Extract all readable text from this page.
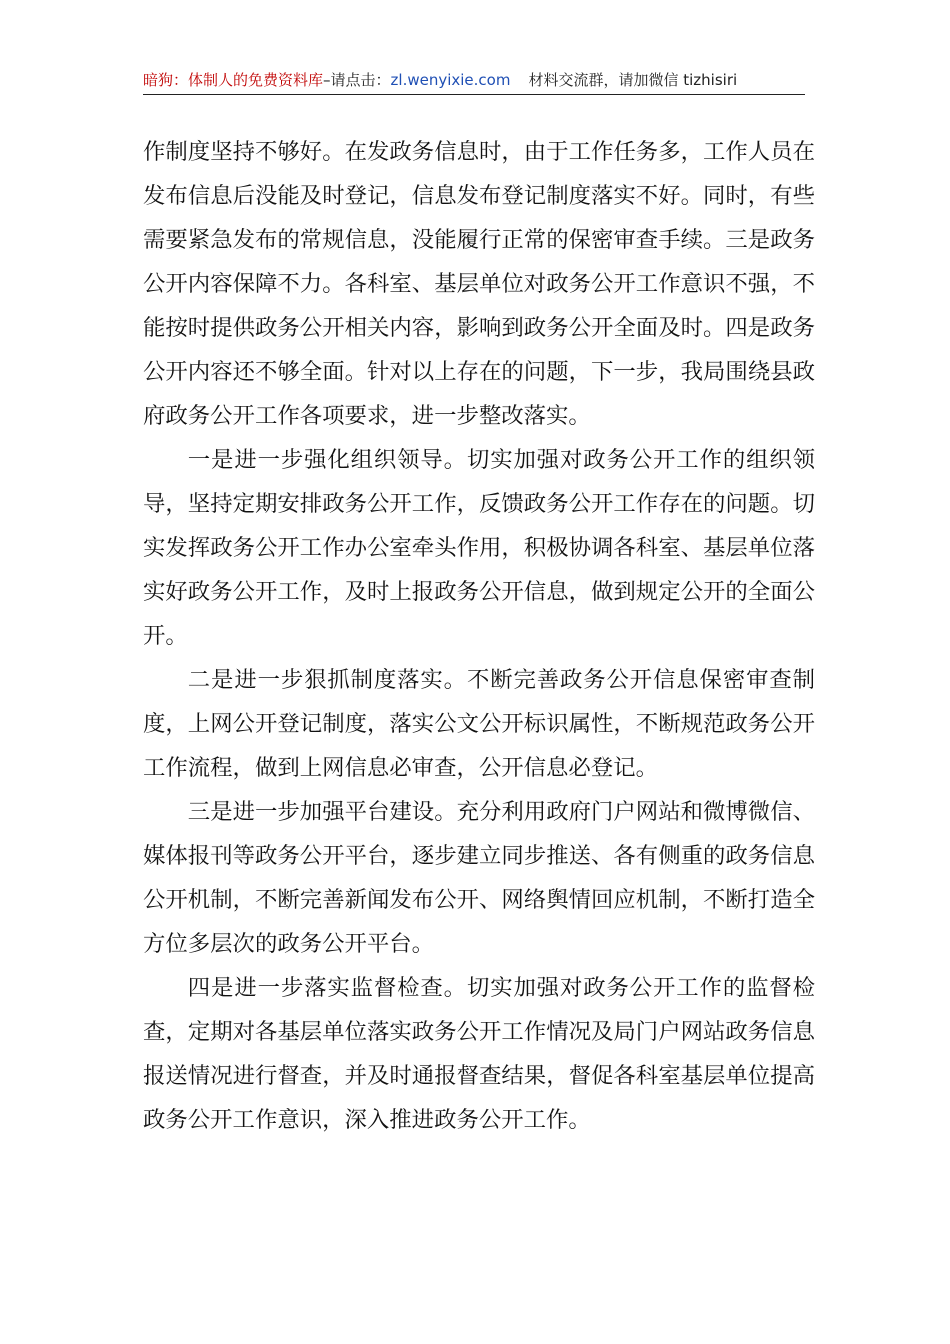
暗狗：体制人的免费资料库–请点击：zl.wenyixie.com 材料交流群，请加微信 tizhisiri

作制度坚持不够好。在发政务信息时，由于工作任务多，工作人员在发布信息后没能及时登记，信息发布登记制度落实不好。同时，有些需要紧急发布的常规信息，没能履行正常的保密审查手续。三是政务公开内容保障不力。各科室、基层单位对政务公开工作意识不强，不能按时提供政务公开相关内容，影响到政务公开全面及时。四是政务公开内容还不够全面。针对以上存在的问题，下一步，我局围绕县政府政务公开工作各项要求，进一步整改落实。

一是进一步强化组织领导。切实加强对政务公开工作的组织领导，坚持定期安排政务公开工作，反馈政务公开工作存在的问题。切实发挥政务公开工作办公室牵头作用，积极协调各科室、基层单位落实好政务公开工作，及时上报政务公开信息，做到规定公开的全面公开。

二是进一步狠抓制度落实。不断完善政务公开信息保密审查制度，上网公开登记制度，落实公文公开标识属性，不断规范政务公开工作流程，做到上网信息必审查，公开信息必登记。

三是进一步加强平台建设。充分利用政府门户网站和微博微信、媒体报刊等政务公开平台，逐步建立同步推送、各有侧重的政务信息公开机制，不断完善新闻发布公开、网络舆情回应机制，不断打造全方位多层次的政务公开平台。

四是进一步落实监督检查。切实加强对政务公开工作的监督检查，定期对各基层单位落实政务公开工作情况及局门户网站政务信息报送情况进行督查，并及时通报督查结果，督促各科室基层单位提高政务公开工作意识，深入推进政务公开工作。
